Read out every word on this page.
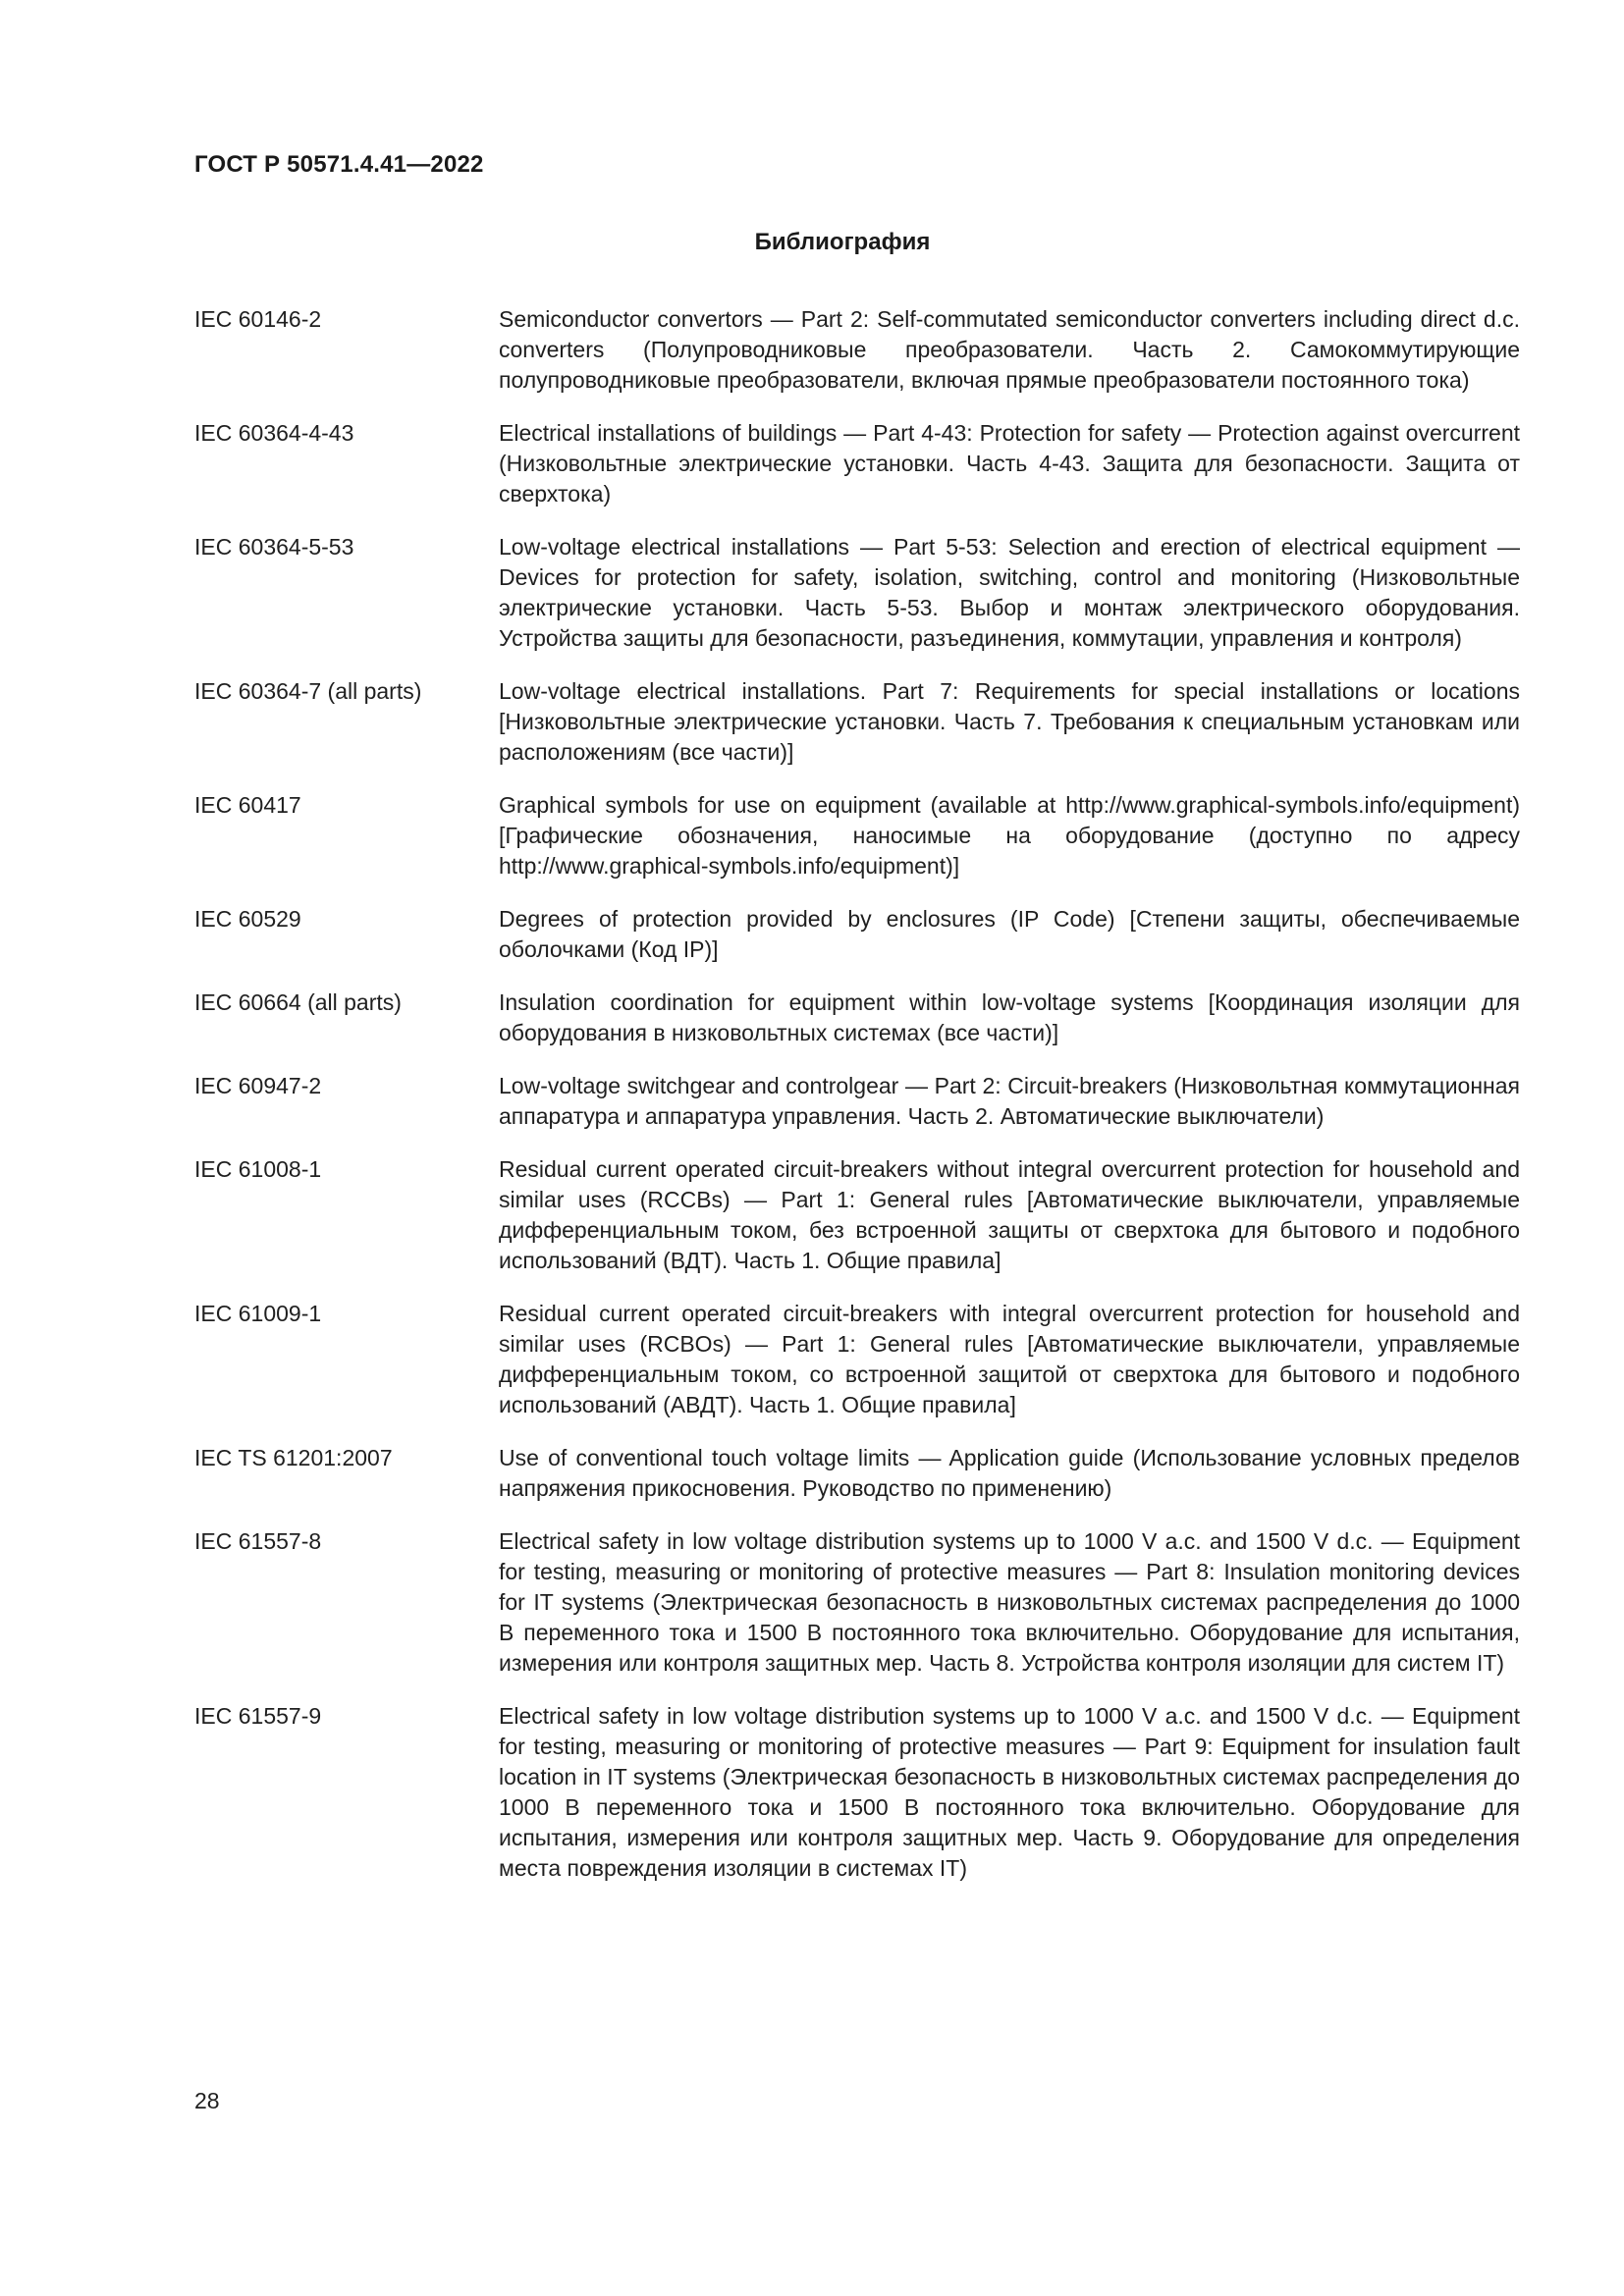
ГОСТ Р 50571.4.41—2022
Библиография
IEC 60146-2	Semiconductor convertors — Part 2: Self-commutated semiconductor converters including direct d.c. converters (Полупроводниковые преобразователи. Часть 2. Самокоммутирующие полупроводниковые преобразователи, включая прямые преобразователи постоянного тока)
IEC 60364-4-43	Electrical installations of buildings — Part 4-43: Protection for safety — Protection against overcurrent (Низковольтные электрические установки. Часть 4-43. Защита для безопасности. Защита от сверхтока)
IEC 60364-5-53	Low-voltage electrical installations — Part 5-53: Selection and erection of electrical equipment — Devices for protection for safety, isolation, switching, control and monitoring (Низковольтные электрические установки. Часть 5-53. Выбор и монтаж электрического оборудования. Устройства защиты для безопасности, разъединения, коммутации, управления и контроля)
IEC 60364-7 (all parts)	Low-voltage electrical installations. Part 7: Requirements for special installations or locations [Низковольтные электрические установки. Часть 7. Требования к специальным установкам или расположениям (все части)]
IEC 60417	Graphical symbols for use on equipment (available at http://www.graphical-symbols.info/equipment) [Графические обозначения, наносимые на оборудование (доступно по адресу http://www.graphical-symbols.info/equipment)]
IEC 60529	Degrees of protection provided by enclosures (IP Code) [Степени защиты, обеспечиваемые оболочками (Код IP)]
IEC 60664 (all parts)	Insulation coordination for equipment within low-voltage systems [Координация изоляции для оборудования в низковольтных системах (все части)]
IEC 60947-2	Low-voltage switchgear and controlgear — Part 2: Circuit-breakers (Низковольтная коммутационная аппаратура и аппаратура управления. Часть 2. Автоматические выключатели)
IEC 61008-1	Residual current operated circuit-breakers without integral overcurrent protection for household and similar uses (RCCBs) — Part 1: General rules [Автоматические выключатели, управляемые дифференциальным током, без встроенной защиты от сверхтока для бытового и подобного использований (ВДТ). Часть 1. Общие правила]
IEC 61009-1	Residual current operated circuit-breakers with integral overcurrent protection for household and similar uses (RCBOs) — Part 1: General rules [Автоматические выключатели, управляемые дифференциальным током, со встроенной защитой от сверхтока для бытового и подобного использований (АВДТ). Часть 1. Общие правила]
IEC TS 61201:2007	Use of conventional touch voltage limits — Application guide (Использование условных пределов напряжения прикосновения. Руководство по применению)
IEC 61557-8	Electrical safety in low voltage distribution systems up to 1000 V a.c. and 1500 V d.c. — Equipment for testing, measuring or monitoring of protective measures — Part 8: Insulation monitoring devices for IT systems (Электрическая безопасность в низковольтных системах распределения до 1000 В переменного тока и 1500 В постоянного тока включительно. Оборудование для испытания, измерения или контроля защитных мер. Часть 8. Устройства контроля изоляции для систем IT)
IEC 61557-9	Electrical safety in low voltage distribution systems up to 1000 V a.c. and 1500 V d.c. — Equipment for testing, measuring or monitoring of protective measures — Part 9: Equipment for insulation fault location in IT systems (Электрическая безопасность в низковольтных системах распределения до 1000 В переменного тока и 1500 В постоянного тока включительно. Оборудование для испытания, измерения или контроля защитных мер. Часть 9. Оборудование для определения места повреждения изоляции в системах IT)
28
